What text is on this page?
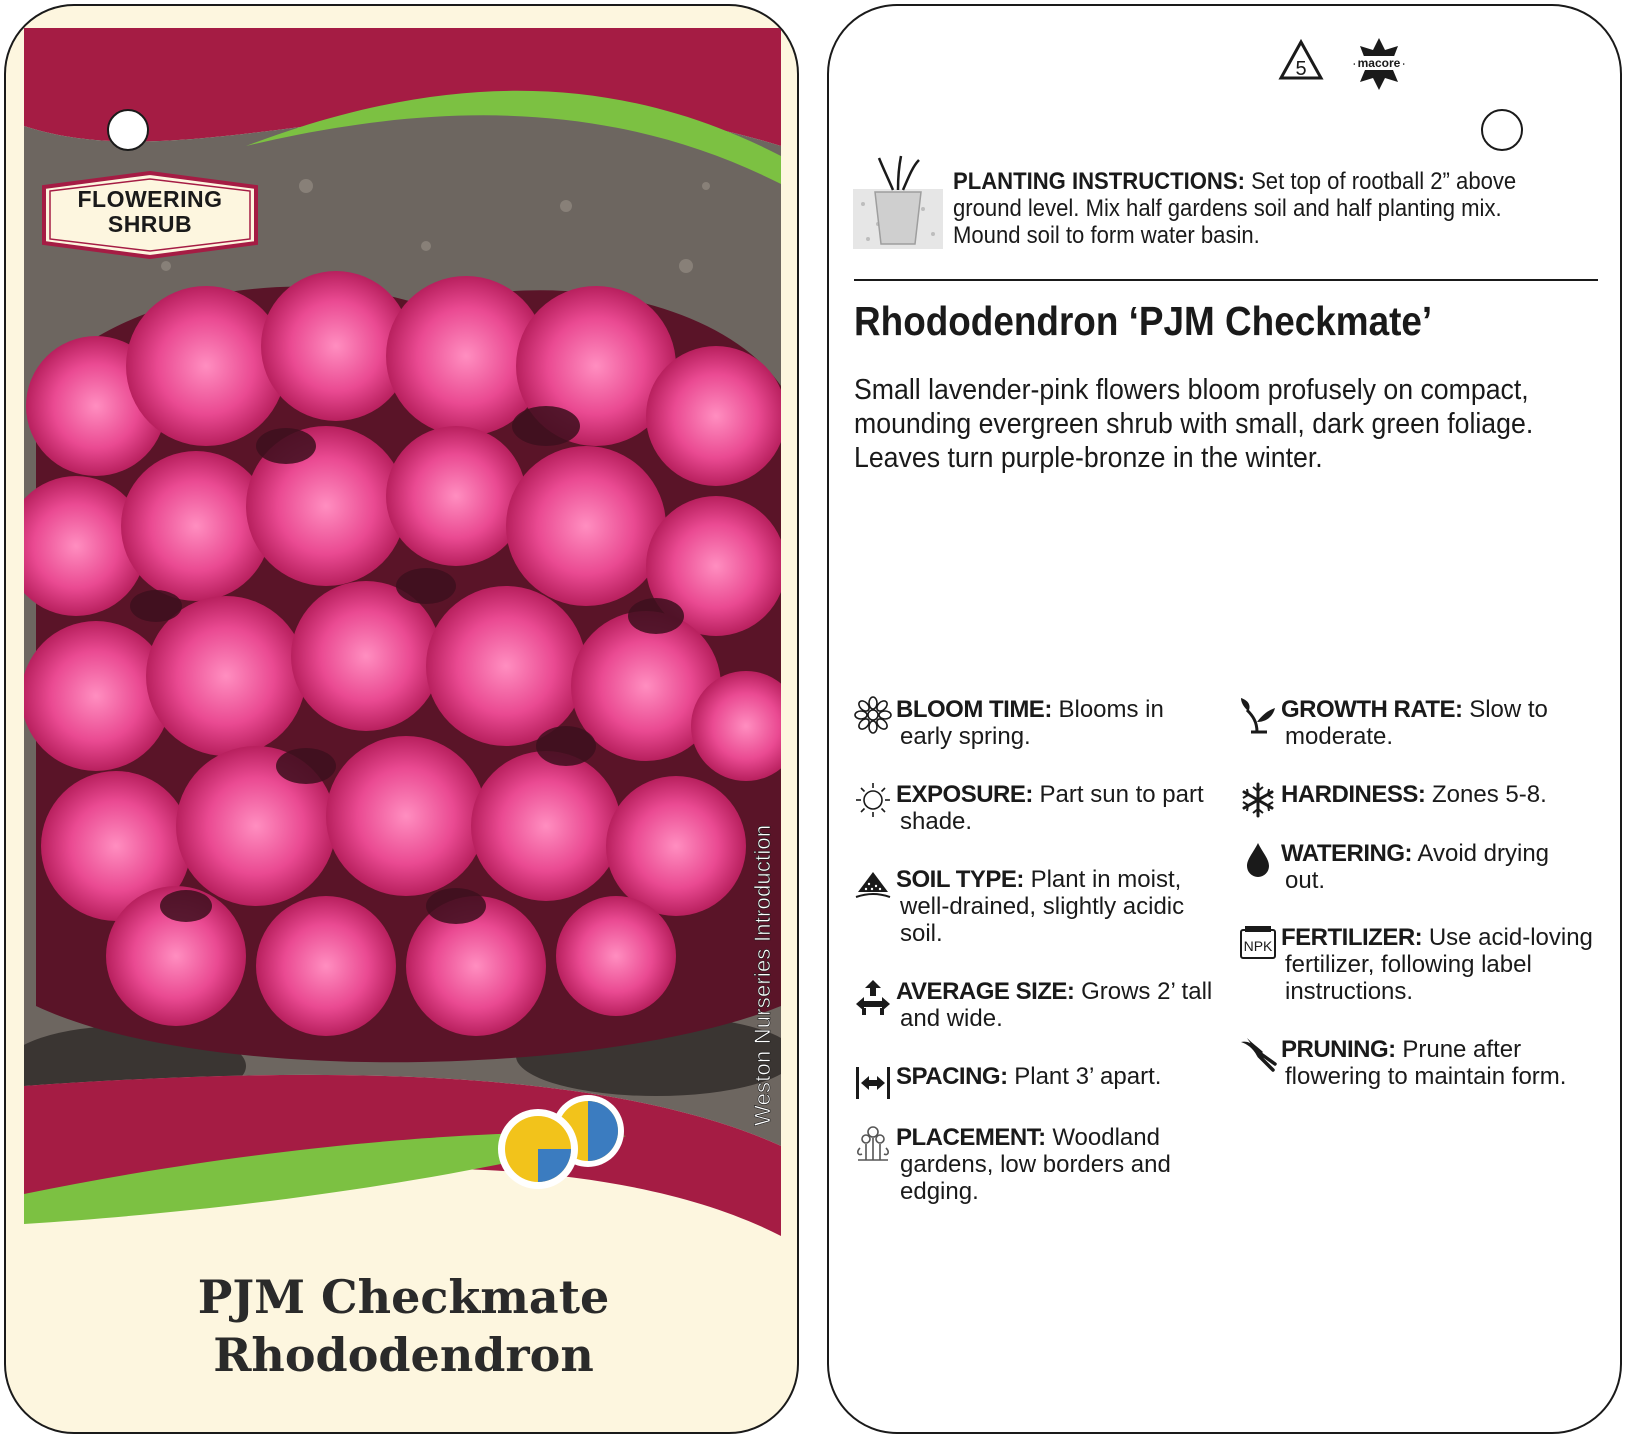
FLOWERING
SHRUB
Weston Nurseries Introduction
PJM Checkmate
Rhododendron
5	macore
PLANTING INSTRUCTIONS: Set top of rootball 2” above ground level. Mix half gardens soil and half planting mix. Mound soil to form water basin.
Rhododendron ‘PJM Checkmate’
Small lavender-pink flowers bloom profusely on compact, mounding evergreen shrub with small, dark green foliage. Leaves turn purple-bronze in the winter.
BLOOM TIME: Blooms in
early spring.
EXPOSURE: Part sun to part
shade.
SOIL TYPE: Plant in moist,
well-drained, slightly acidic soil.
AVERAGE SIZE: Grows 2’ tall
and wide.
SPACING: Plant 3’ apart.
PLACEMENT: Woodland
gardens, low borders and edging.
GROWTH RATE: Slow to
moderate.
HARDINESS: Zones 5-8.
WATERING: Avoid drying
out.
NPK FERTILIZER: Use acid-loving
fertilizer, following label instructions.
PRUNING: Prune after
flowering to maintain form.
